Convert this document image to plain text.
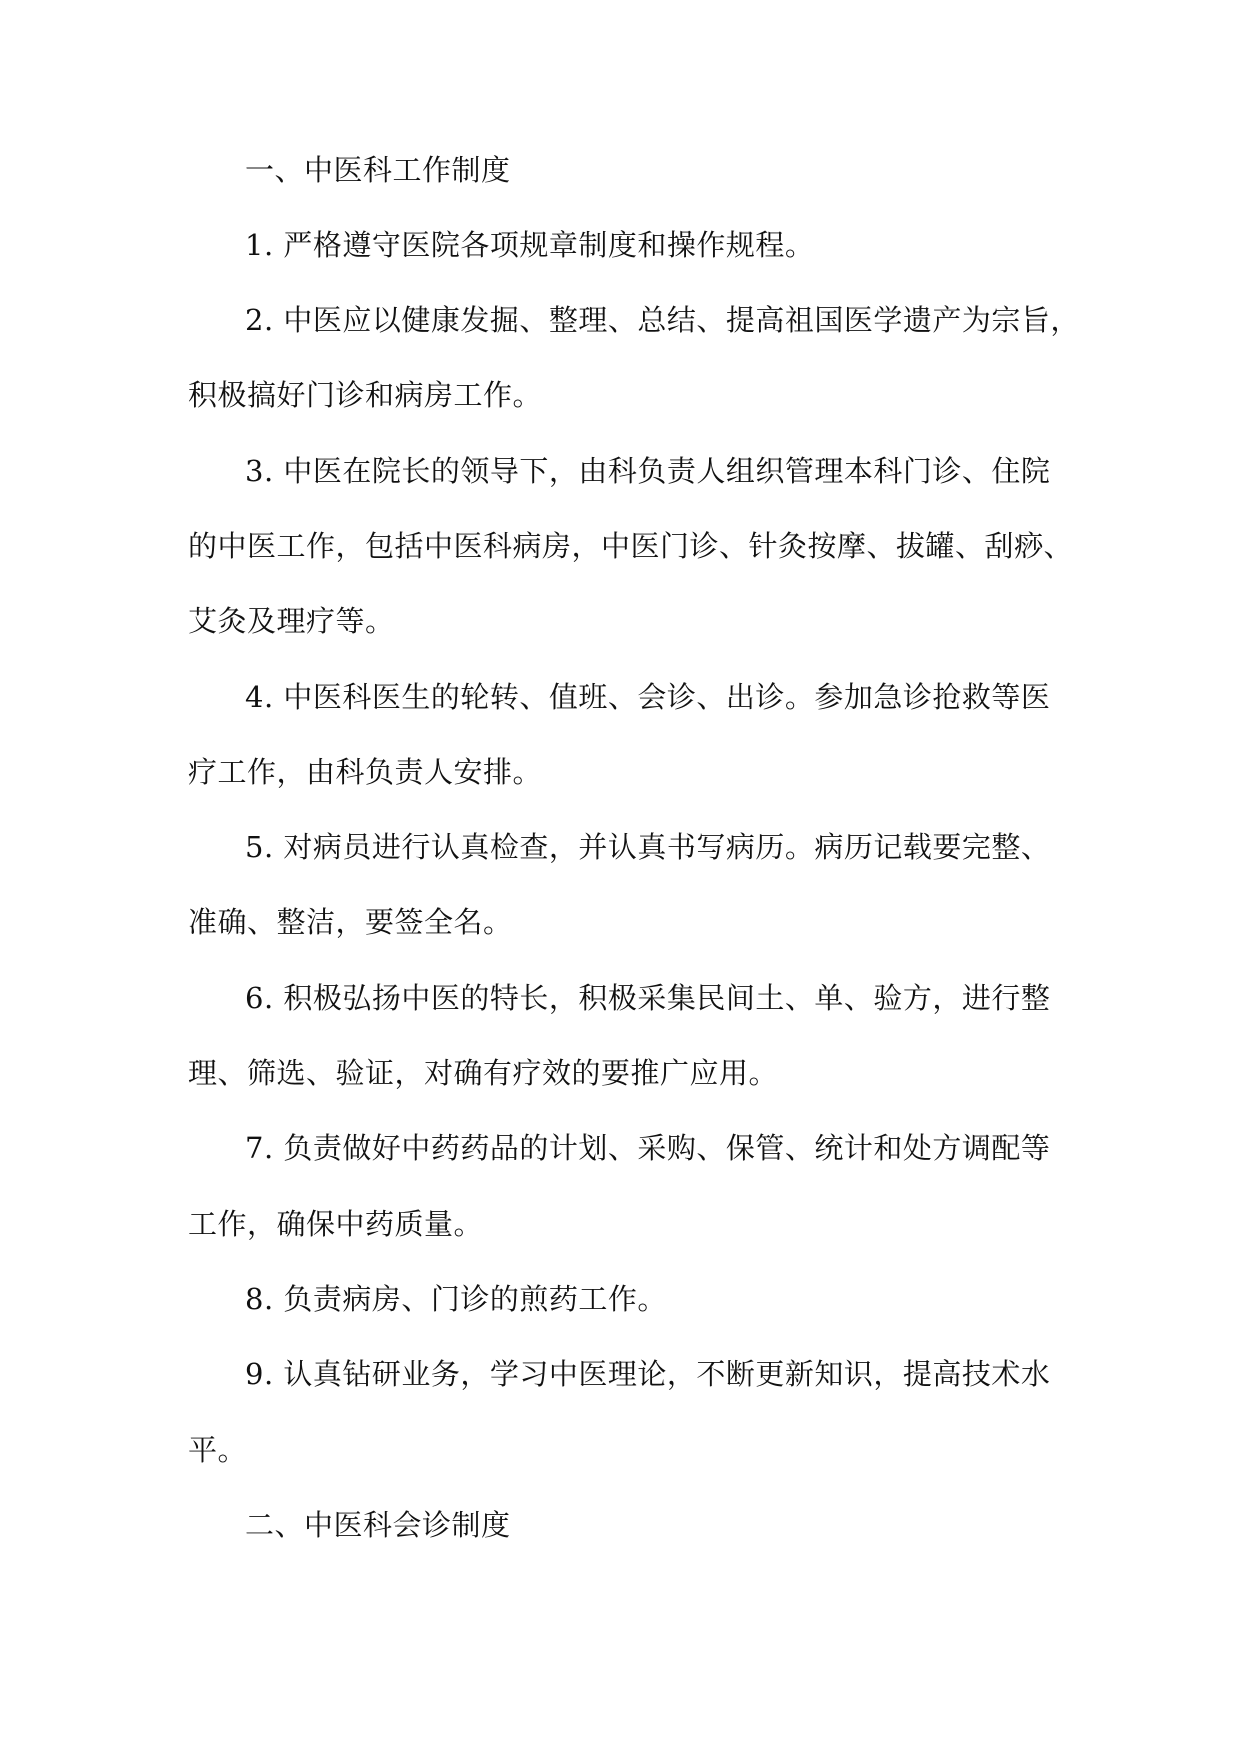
一、中医科工作制度
1. 严格遵守医院各项规章制度和操作规程。
2. 中医应以健康发掘、整理、总结、提高祖国医学遗产为宗旨，
积极搞好门诊和病房工作。
3. 中医在院长的领导下，由科负责人组织管理本科门诊、住院
的中医工作，包括中医科病房，中医门诊、针灸按摩、拔罐、刮痧、
艾灸及理疗等。
4. 中医科医生的轮转、值班、会诊、出诊。参加急诊抢救等医
疗工作，由科负责人安排。
5. 对病员进行认真检查，并认真书写病历。病历记载要完整、
准确、整洁，要签全名。
6. 积极弘扬中医的特长，积极采集民间土、单、验方，进行整
理、筛选、验证，对确有疗效的要推广应用。
7. 负责做好中药药品的计划、采购、保管、统计和处方调配等
工作，确保中药质量。
8. 负责病房、门诊的煎药工作。
9. 认真钻研业务，学习中医理论，不断更新知识，提高技术水
平。
二、中医科会诊制度
